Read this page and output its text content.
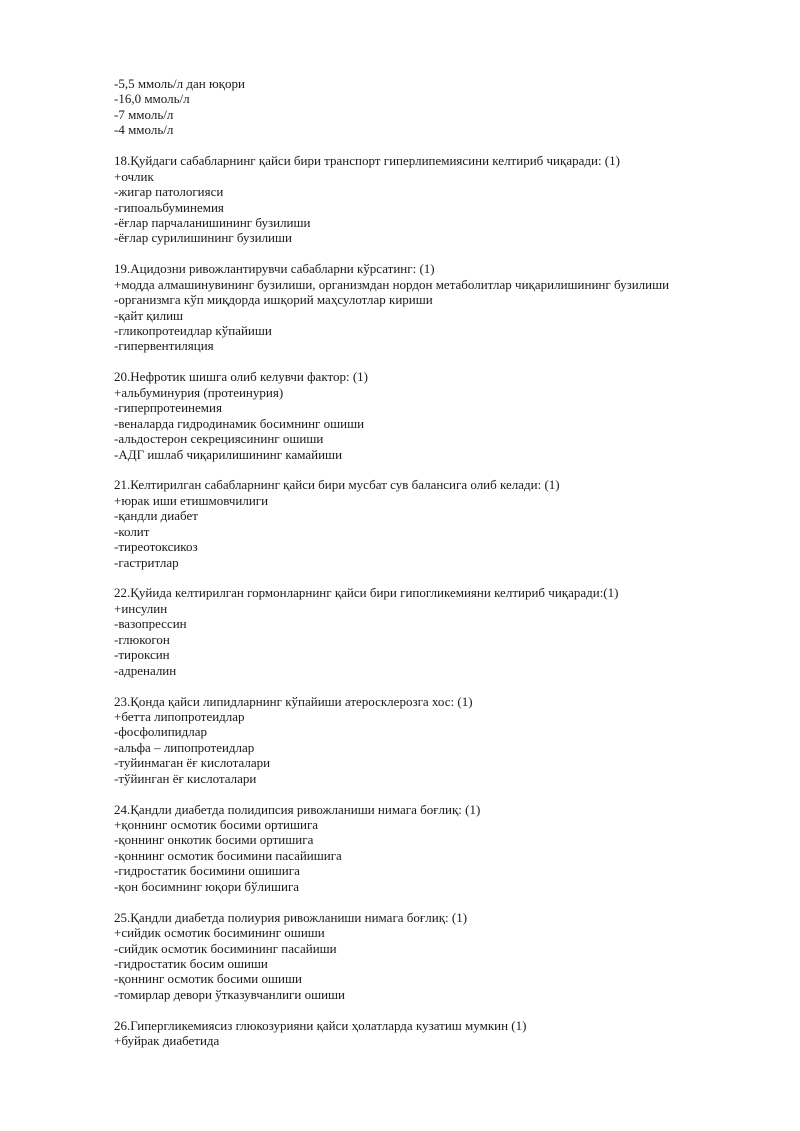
-5,5 ммоль/л дан юқори
-16,0 ммоль/л
-7 ммоль/л
-4 ммоль/л
18.Қуйдаги сабабларнинг қайси бири транспорт гиперлипемиясини келтириб чиқаради: (1)
+очлик
-жигар патологияси
-гипоальбуминемия
-ёғлар парчаланишининг бузилиши
-ёғлар сурилишининг бузилиши
19.Ацидозни ривожлантирувчи сабабларни кўрсатинг: (1)
+модда алмашинувининг бузилиши, организмдан нордон метаболитлар чиқарилишининг бузилиши
-организмга кўп миқдорда ишқорий маҳсулотлар кириши
-қайт қилиш
-гликопротеидлар кўпайиши
-гипервентиляция
20.Нефротик шишга олиб келувчи фактор: (1)
+альбуминурия (протеинурия)
-гиперпротеинемия
-веналарда гидродинамик босимнинг ошиши
-альдостерон секрециясининг ошиши
-АДГ ишлаб чиқарилишининг камайиши
21.Келтирилган сабабларнинг қайси бири мусбат сув балансига олиб келади: (1)
+юрак иши етишмовчилиги
-қандли диабет
-колит
-тиреотоксикоз
-гастритлар
22.Қуйида келтирилган гормонларнинг қайси бири гипогликемияни келтириб чиқаради:(1)
+инсулин
-вазопрессин
-глюкогон
-тироксин
-адреналин
23.Қонда қайси липидларнинг кўпайиши атеросклерозга хос: (1)
+бетта липопротеидлар
-фосфолипидлар
-альфа – липопротеидлар
-туйинмаган ёғ кислоталари
-тўйинган ёғ кислоталари
24.Қандли диабетда полидипсия ривожланиши нимага боғлиқ: (1)
+қоннинг осмотик босими ортишига
-қоннинг онкотик босими ортишига
-қоннинг осмотик босимини пасайишига
-гидростатик босимини ошишига
-қон босимнинг юқори бўлишига
25.Қандли диабетда полиурия ривожланиши нимага боғлиқ: (1)
+сийдик осмотик босимининг ошиши
-сийдик осмотик босимининг пасайиши
-гидростатик босим ошиши
-қоннинг осмотик босими ошиши
-томирлар девори ўтказувчанлиги ошиши
26.Гипергликемиясиз глюкозурияни қайси ҳолатларда кузатиш мумкин (1)
+буйрак диабетида
